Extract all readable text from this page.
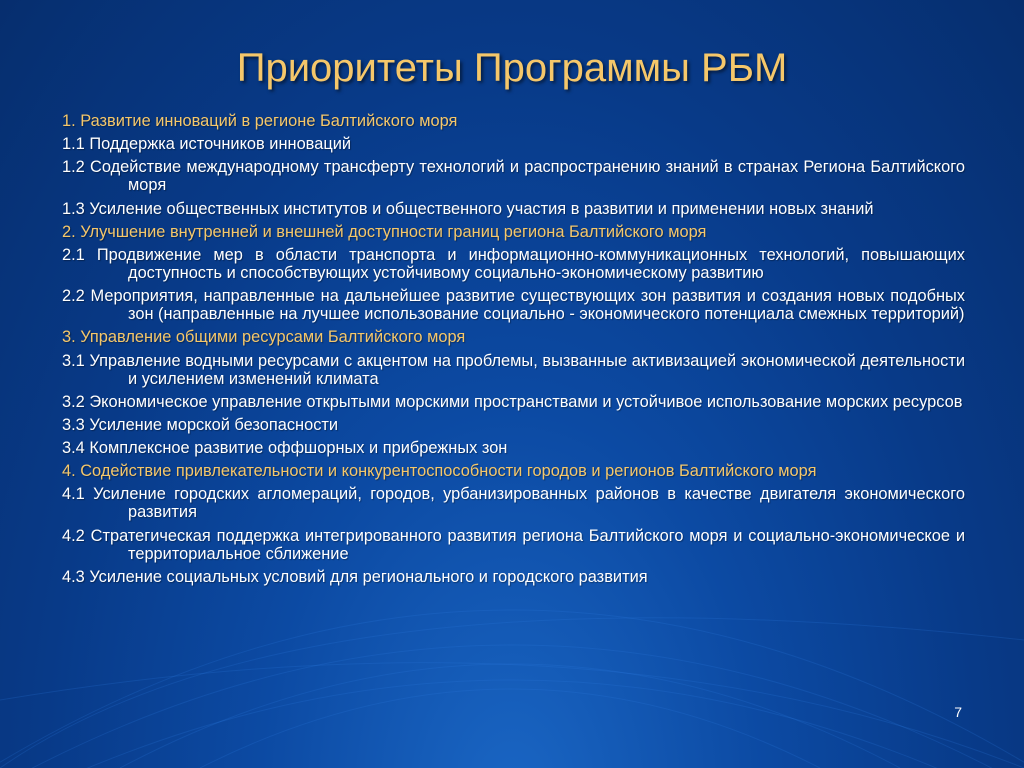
Приоритеты Программы РБМ
1. Развитие инноваций в регионе Балтийского моря
1.1 Поддержка источников инноваций
1.2 Содействие международному трансферту технологий и распространению знаний в странах Региона Балтийского моря
1.3 Усиление общественных институтов и общественного участия в развитии и применении новых знаний
2. Улучшение внутренней и внешней доступности границ региона Балтийского моря
2.1 Продвижение мер в области транспорта и информационно-коммуникационных технологий, повышающих доступность и способствующих устойчивому социально-экономическому развитию
2.2 Мероприятия, направленные на дальнейшее развитие существующих зон развития и создания новых подобных зон (направленные на лучшее использование социально - экономического потенциала смежных территорий)
3. Управление общими ресурсами Балтийского моря
3.1 Управление водными ресурсами с акцентом на проблемы, вызванные активизацией экономической деятельности и усилением изменений климата
3.2 Экономическое управление открытыми морскими пространствами и устойчивое использование морских ресурсов
3.3 Усиление морской безопасности
3.4 Комплексное развитие оффшорных и прибрежных зон
4. Содействие привлекательности и конкурентоспособности городов и регионов Балтийского моря
4.1 Усиление городских агломераций, городов, урбанизированных районов в качестве двигателя экономического развития
4.2 Стратегическая поддержка интегрированного развития региона Балтийского моря и социально-экономическое и территориальное сближение
4.3 Усиление социальных условий для регионального и городского развития
7
